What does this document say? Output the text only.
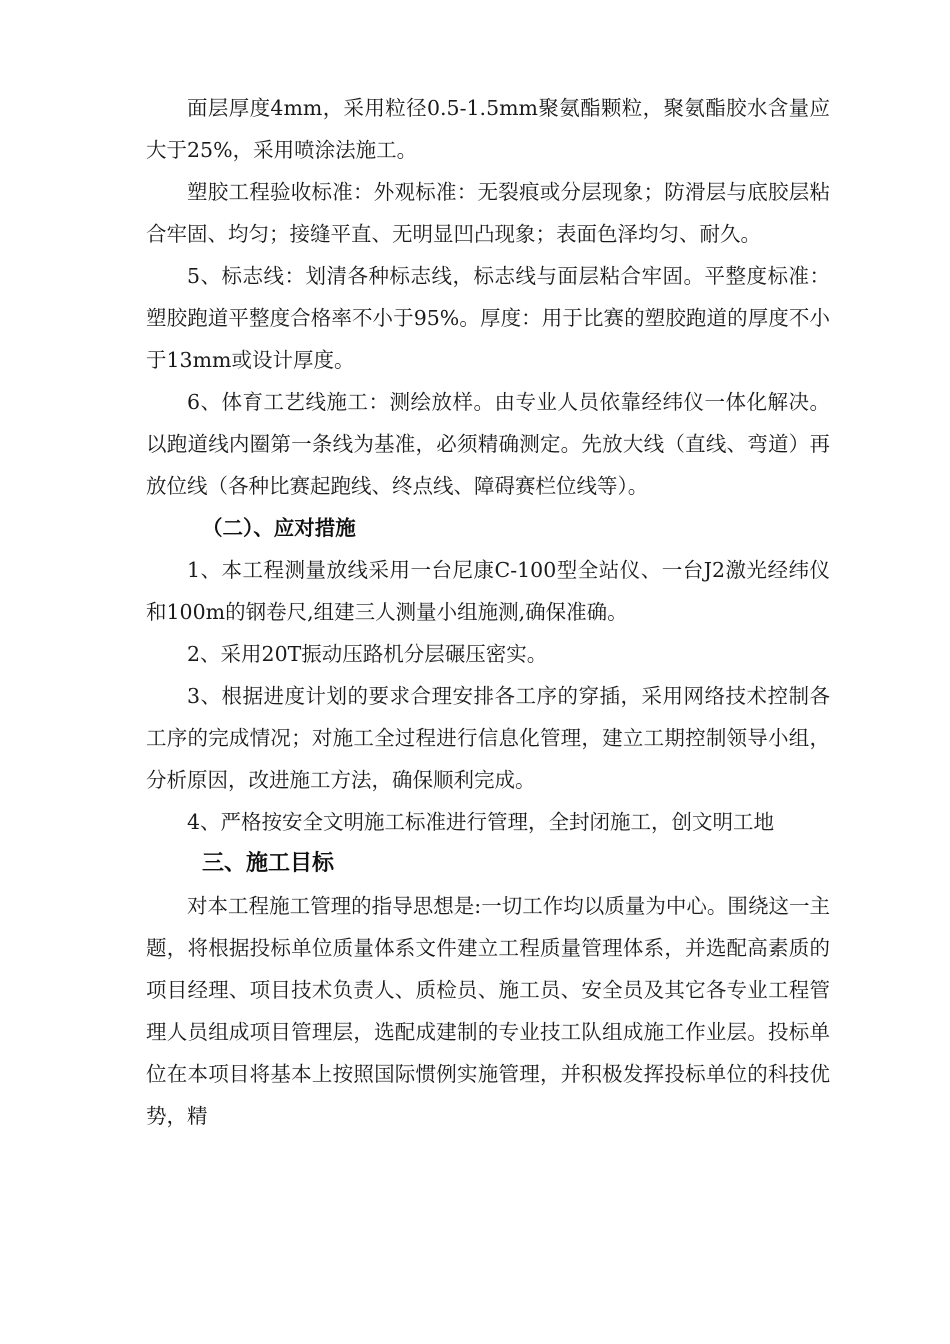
面层厚度4mm，采用粒径0.5-1.5mm聚氨酯颗粒，聚氨酯胶水含量应大于25%，采用喷涂法施工。

塑胶工程验收标准：外观标准：无裂痕或分层现象；防滑层与底胶层粘合牢固、均匀；接缝平直、无明显凹凸现象；表面色泽均匀、耐久。

5、标志线：划清各种标志线，标志线与面层粘合牢固。平整度标准：塑胶跑道平整度合格率不小于95%。厚度：用于比赛的塑胶跑道的厚度不小于13mm或设计厚度。

6、体育工艺线施工：测绘放样。由专业人员依靠经纬仪一体化解决。以跑道线内圈第一条线为基准，必须精确测定。先放大线（直线、弯道）再放位线（各种比赛起跑线、终点线、障碍赛栏位线等）。

（二）、应对措施

1、本工程测量放线采用一台尼康C-100型全站仪、一台J2激光经纬仪和100m的钢卷尺,组建三人测量小组施测,确保准确。

2、采用20T振动压路机分层碾压密实。

3、根据进度计划的要求合理安排各工序的穿插，采用网络技术控制各工序的完成情况；对施工全过程进行信息化管理，建立工期控制领导小组，分析原因，改进施工方法，确保顺利完成。

4、严格按安全文明施工标准进行管理，全封闭施工，创文明工地

三、施工目标

对本工程施工管理的指导思想是:一切工作均以质量为中心。围绕这一主题，将根据投标单位质量体系文件建立工程质量管理体系，并选配高素质的项目经理、项目技术负责人、质检员、施工员、安全员及其它各专业工程管理人员组成项目管理层，选配成建制的专业技工队组成施工作业层。投标单位在本项目将基本上按照国际惯例实施管理，并积极发挥投标单位的科技优势，精
